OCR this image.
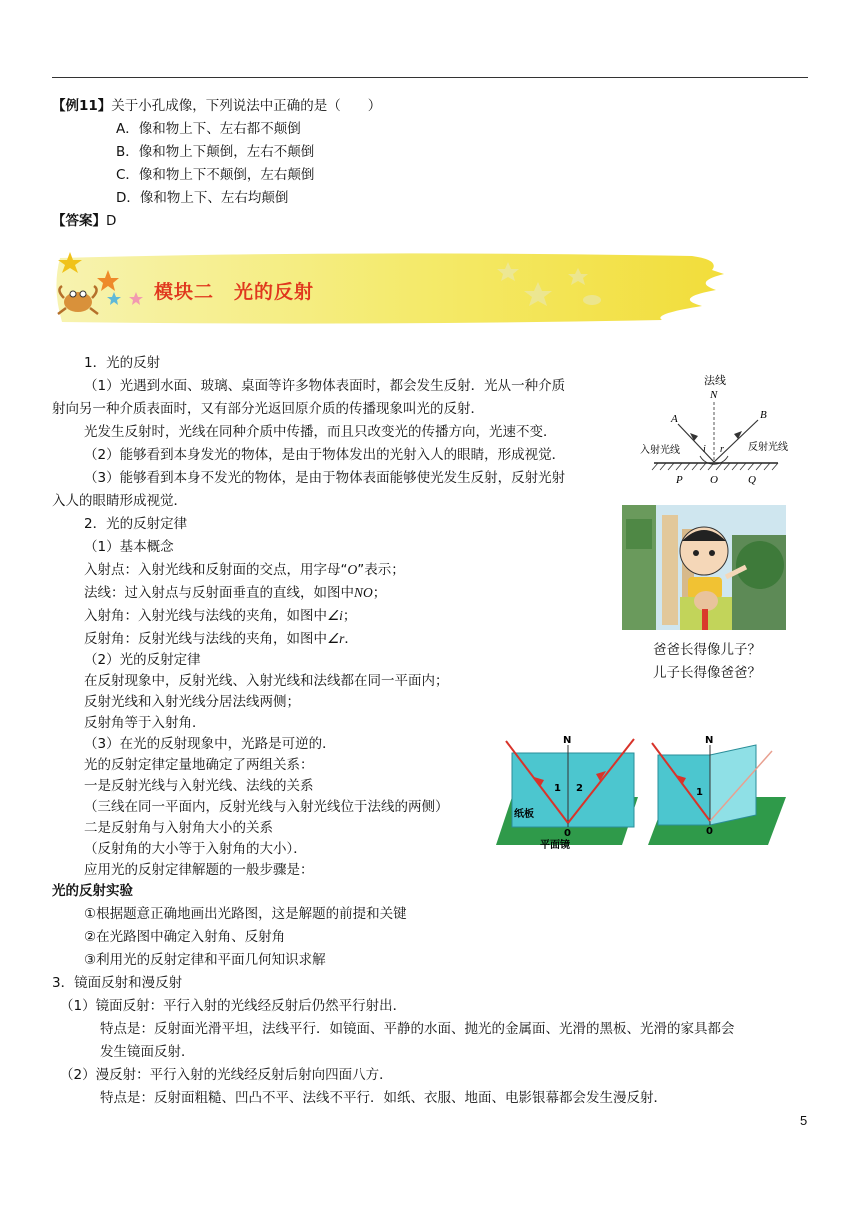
【例11】关于小孔成像，下列说法中正确的是（　　）
A．像和物上下、左右都不颠倒
B．像和物上下颠倒，左右不颠倒
C．像和物上下不颠倒，左右颠倒
D．像和物上下、左右均颠倒
【答案】D
模块二　光的反射
1．光的反射
（1）光遇到水面、玻璃、桌面等许多物体表面时，都会发生反射．光从一种介质
射向另一种介质表面时，又有部分光返回原介质的传播现象叫光的反射．
光发生反射时，光线在同种介质中传播，而且只改变光的传播方向，光速不变．
（2）能够看到本身发光的物体，是由于物体发出的光射入人的眼睛，形成视觉．
（3）能够看到本身不发光的物体，是由于物体表面能够使光发生反射，反射光射
入人的眼睛形成视觉．
法线
N
A	B
i r
入射光线	反射光线
P O	Q
2．光的反射定律
（1）基本概念
入射点：入射光线和反射面的交点，用字母“O”表示；
法线：过入射点与反射面垂直的直线，如图中NO；
入射角：入射光线与法线的夹角，如图中∠i；
反射角：反射光线与法线的夹角，如图中∠r．
（2）光的反射定律
在反射现象中，反射光线、入射光线和法线都在同一平面内；
反射光线和入射光线分居法线两侧；
反射角等于入射角．
（3）在光的反射现象中，光路是可逆的．
光的反射定律定量地确定了两组关系：
一是反射光线与入射光线、法线的关系
（三线在同一平面内，反射光线与入射光线位于法线的两侧）
二是反射角与入射角大小的关系
（反射角的大小等于入射角的大小）．
应用光的反射定律解题的一般步骤是：
光的反射实验
①根据题意正确地画出光路图，这是解题的前提和关键
②在光路图中确定入射角、反射角
③利用光的反射定律和平面几何知识求解
爸爸长得像儿子？
儿子长得像爸爸？
N
1 2
纸板
0
平面镜
N
1
0
3．镜面反射和漫反射
（1）镜面反射：平行入射的光线经反射后仍然平行射出．
特点是：反射面光滑平坦，法线平行．如镜面、平静的水面、抛光的金属面、光滑的黑板、光滑的家具都会
发生镜面反射．
（2）漫反射：平行入射的光线经反射后射向四面八方．
特点是：反射面粗糙、凹凸不平、法线不平行．如纸、衣服、地面、电影银幕都会发生漫反射．
5
